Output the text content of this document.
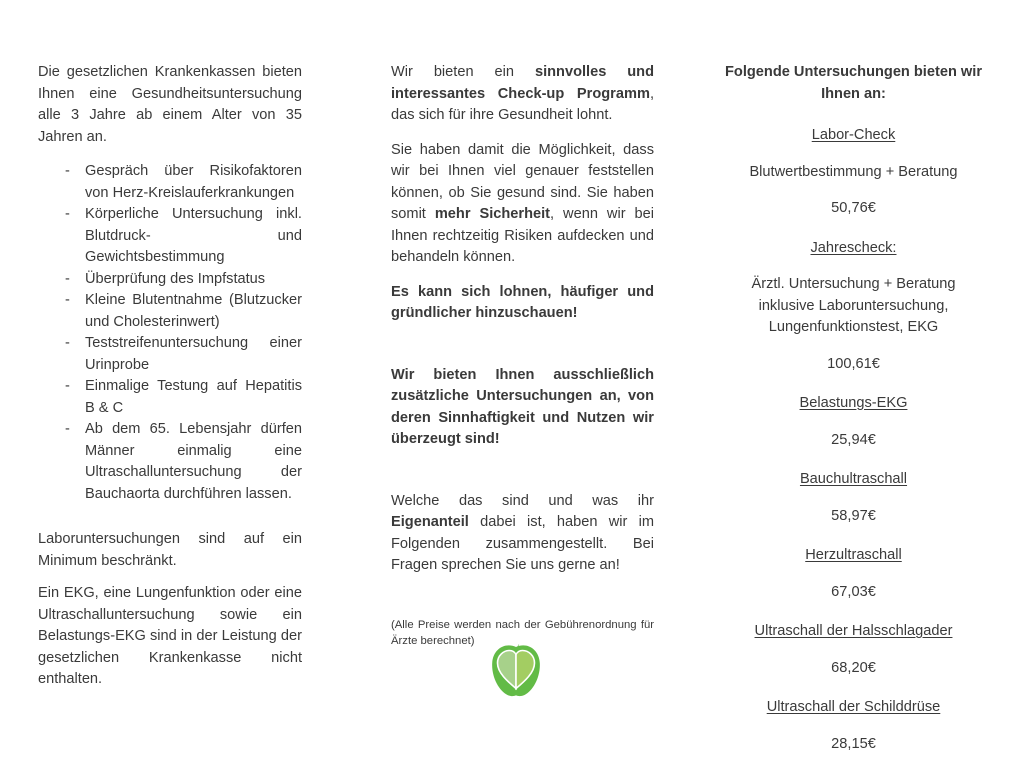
Die gesetzlichen Krankenkassen bieten Ihnen eine Gesundheitsuntersuchung alle 3 Jahre ab einem Alter von 35 Jahren an.

- Gespräch über Risikofaktoren von Herz-Kreislauferkrankungen
- Körperliche Untersuchung inkl. Blutdruck- und Gewichtsbestimmung
- Überprüfung des Impfstatus
- Kleine Blutentnahme (Blutzucker und Cholesterinwert)
- Teststreifenuntersuchung einer Urinprobe
- Einmalige Testung auf Hepatitis B & C
- Ab dem 65. Lebensjahr dürfen Männer einmalig eine Ultraschalluntersuchung der Bauchaorta durchführen lassen.

Laboruntersuchungen sind auf ein Minimum beschränkt.

Ein EKG, eine Lungenfunktion oder eine Ultraschalluntersuchung sowie ein Belastungs-EKG sind in der Leistung der gesetzlichen Krankenkasse nicht enthalten.

Wir bieten ein sinnvolles und interessantes Check-up Programm, das sich für ihre Gesundheit lohnt.

Sie haben damit die Möglichkeit, dass wir bei Ihnen viel genauer feststellen können, ob Sie gesund sind. Sie haben somit mehr Sicherheit, wenn wir bei Ihnen rechtzeitig Risiken aufdecken und behandeln können.

Es kann sich lohnen, häufiger und gründlicher hinzuschauen!

Wir bieten Ihnen ausschließlich zusätzliche Untersuchungen an, von deren Sinnhaftigkeit und Nutzen wir überzeugt sind!

Welche das sind und was ihr Eigenanteil dabei ist, haben wir im Folgenden zusammengestellt. Bei Fragen sprechen Sie uns gerne an!

(Alle Preise werden nach der Gebührenordnung für Ärzte berechnet)

Folgende Untersuchungen bieten wir Ihnen an:
Labor-Check
Blutwertbestimmung + Beratung
50,76€
Jahrescheck:
Ärztl. Untersuchung + Beratung inklusive Laboruntersuchung, Lungenfunktionstest, EKG
100,61€
Belastungs-EKG
25,94€
Bauchultraschall
58,97€
Herzultraschall
67,03€
Ultraschall der Halsschlagader
68,20€
Ultraschall der Schilddrüse
28,15€
